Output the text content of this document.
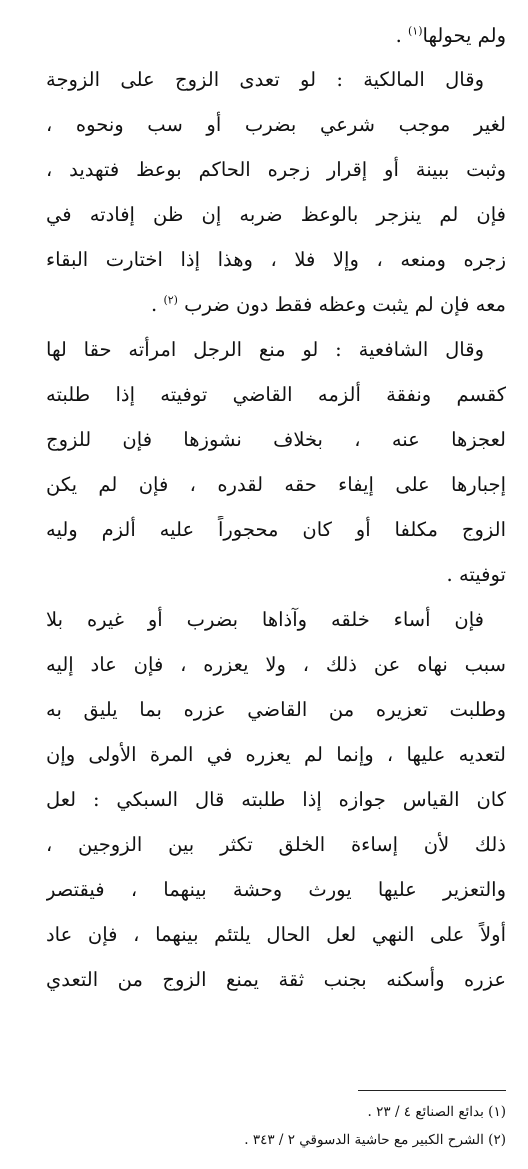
ولم يحولها$^{(١)}$ .
وقال المالكية : لو تعدى الزوج على الزوجة
لغير موجب شرعي بضرب أو سب ونحوه ،
وثبت ببينة أو إقرار زجره الحاكم بوعظ فتهديد ،
فإن لم ينزجر بالوعظ ضربه إن ظن إفادته في
زجره ومنعه ، وإلا فلا ، وهذا إذا اختارت البقاء
معه فإن لم يثبت وعظه فقط دون ضرب $^{(٢)}$ .
وقال الشافعية : لو منع الرجل امرأته حقا لها
كقسم ونفقة ألزمه القاضي توفيته إذا طلبته
لعجزها عنه ، بخلاف نشوزها فإن للزوج
إجبارها على إيفاء حقه لقدره ، فإن لم يكن
الزوج مكلفا أو كان محجوراً عليه ألزم وليه
توفيته .
فإن أساء خلقه وآذاها بضرب أو غيره بلا
سبب نهاه عن ذلك ، ولا يعزره ، فإن عاد إليه
وطلبت تعزيره من القاضي عزره بما يليق به
لتعديه عليها ، وإنما لم يعزره في المرة الأولى وإن
كان القياس جوازه إذا طلبته قال السبكي : لعل
ذلك لأن إساءة الخلق تكثر بين الزوجين ،
والتعزير عليها يورث وحشة بينهما ، فيقتصر
أولاً على النهي لعل الحال يلتئم بينهما ، فإن عاد
عزره وأسكنه بجنب ثقة يمنع الزوج من التعدي
(١) بدائع الصنائع ٤ / ٢٣ .
(٢) الشرح الكبير مع حاشية الدسوقي ٢ / ٣٤٣ .
